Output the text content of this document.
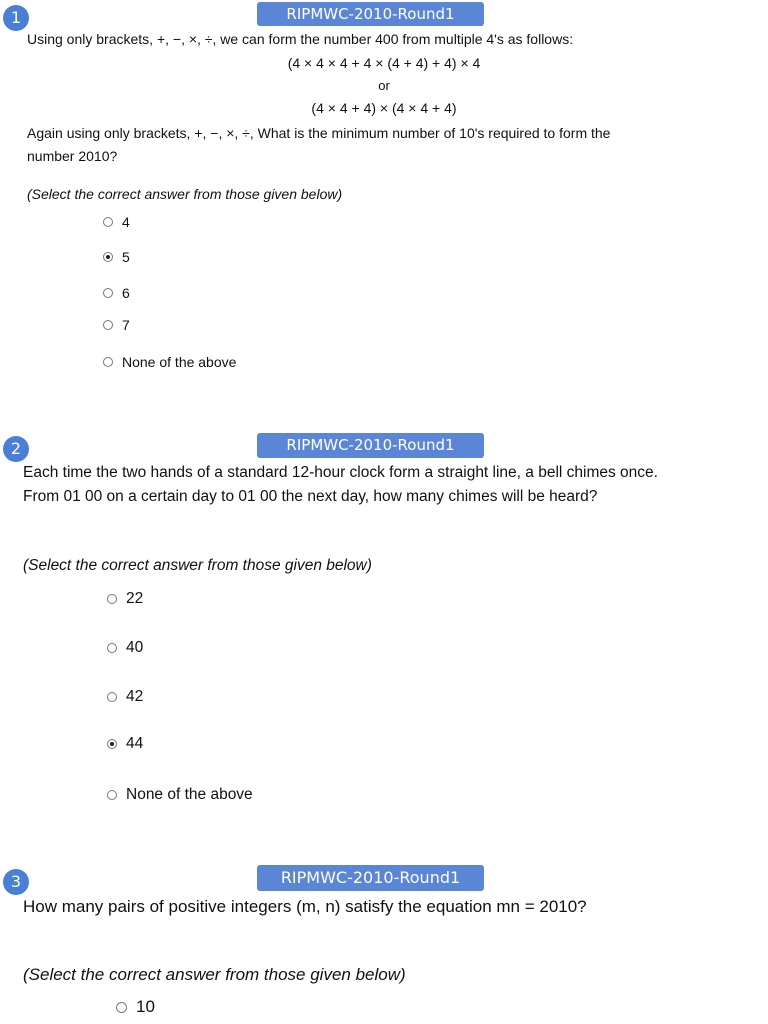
1	RIPMWC-2010-Round1
Using only brackets, +, −, ×, ÷, we can form the number 400 from multiple 4's as follows:
(4 × 4 × 4 + 4 × (4 + 4) + 4) × 4
or
(4 × 4 + 4) × (4 × 4 + 4)
Again using only brackets, +, −, ×, ÷, What is the minimum number of 10's required to form the
number 2010?
(Select the correct answer from those given below)
4
5
6
7
None of the above
2	RIPMWC-2010-Round1
Each time the two hands of a standard 12-hour clock form a straight line, a bell chimes once.
From 01 00 on a certain day to 01 00 the next day, how many chimes will be heard?
(Select the correct answer from those given below)
22
40
42
44
None of the above
3	RIPMWC-2010-Round1
How many pairs of positive integers (m, n) satisfy the equation mn = 2010?
(Select the correct answer from those given below)
10
